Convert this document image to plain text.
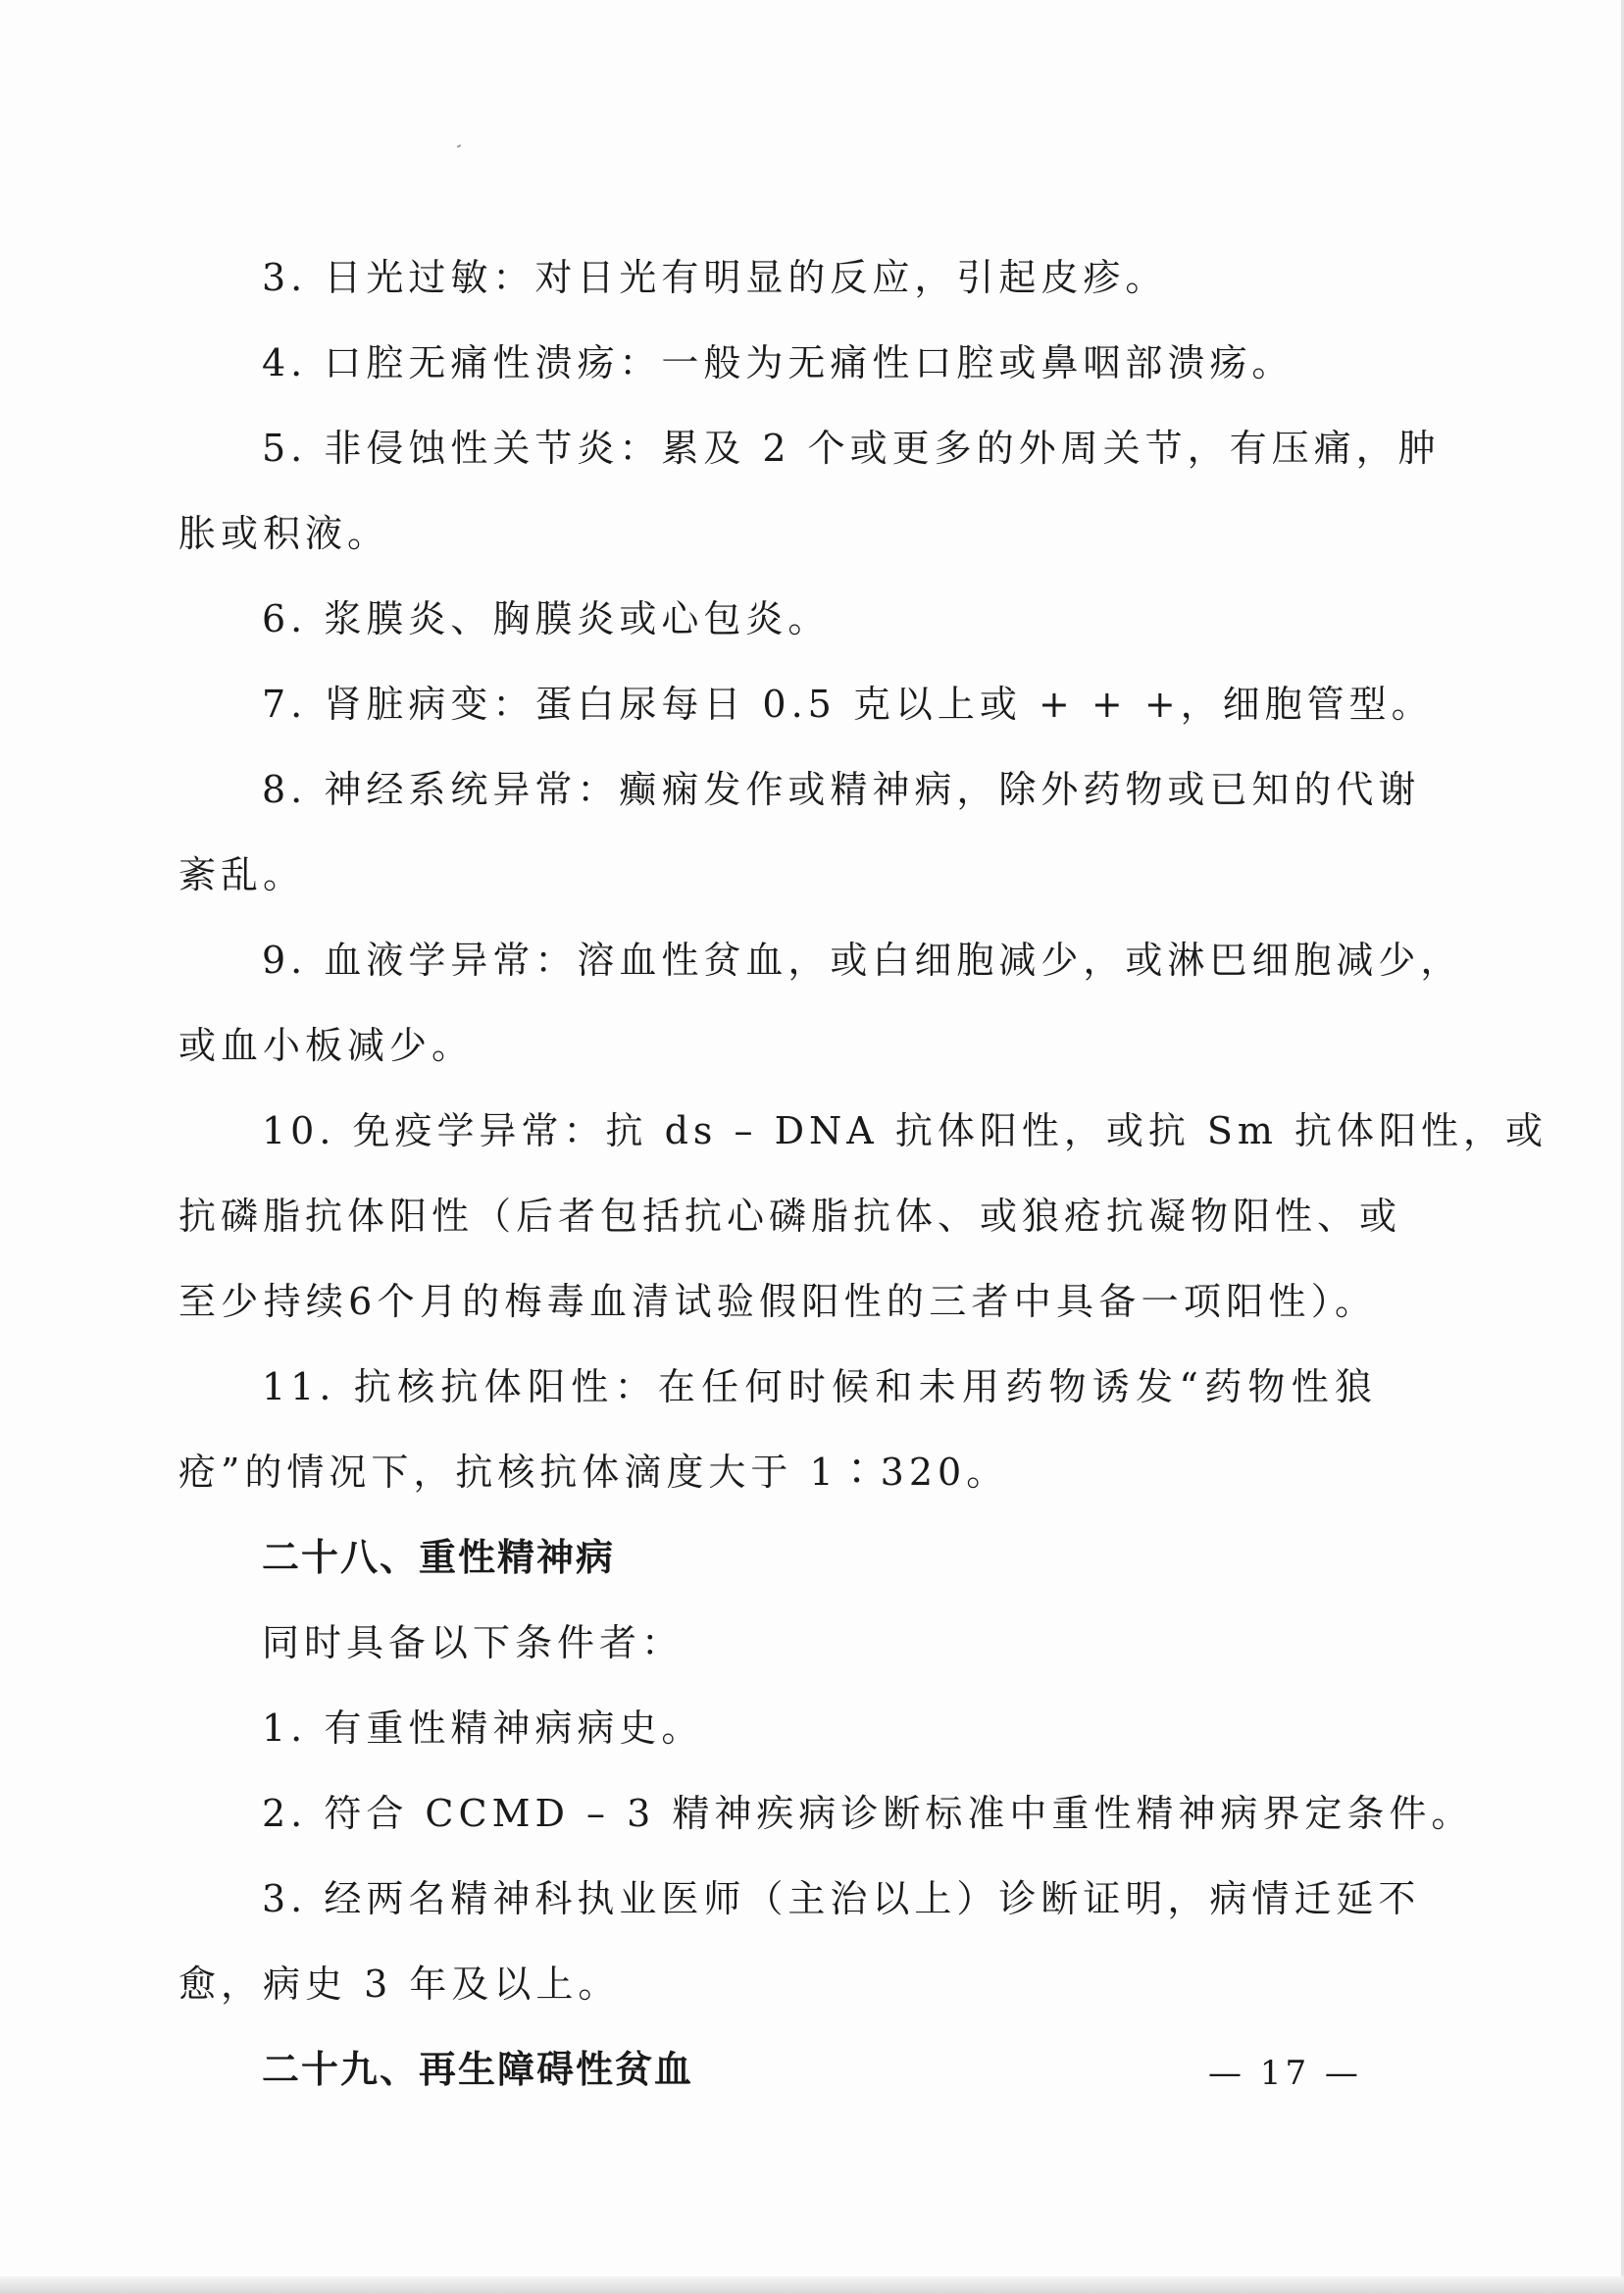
3. 日光过敏：对日光有明显的反应，引起皮疹。
4. 口腔无痛性溃疡：一般为无痛性口腔或鼻咽部溃疡。
5. 非侵蚀性关节炎：累及 2 个或更多的外周关节，有压痛，肿
胀或积液。
6. 浆膜炎、胸膜炎或心包炎。
7. 肾脏病变：蛋白尿每日 0.5 克以上或 + + +，细胞管型。
8. 神经系统异常：癫痫发作或精神病，除外药物或已知的代谢
紊乱。
9. 血液学异常：溶血性贫血，或白细胞减少，或淋巴细胞减少，
或血小板减少。
10. 免疫学异常：抗 ds – DNA 抗体阳性，或抗 Sm 抗体阳性，或
抗磷脂抗体阳性（后者包括抗心磷脂抗体、或狼疮抗凝物阳性、或
至少持续6个月的梅毒血清试验假阳性的三者中具备一项阳性）。
11. 抗核抗体阳性：在任何时候和未用药物诱发“药物性狼
疮”的情况下，抗核抗体滴度大于 1∶320。
二十八、重性精神病
同时具备以下条件者：
1. 有重性精神病病史。
2. 符合 CCMD – 3 精神疾病诊断标准中重性精神病界定条件。
3. 经两名精神科执业医师（主治以上）诊断证明，病情迁延不
愈，病史 3 年及以上。
二十九、再生障碍性贫血	— 17 —
